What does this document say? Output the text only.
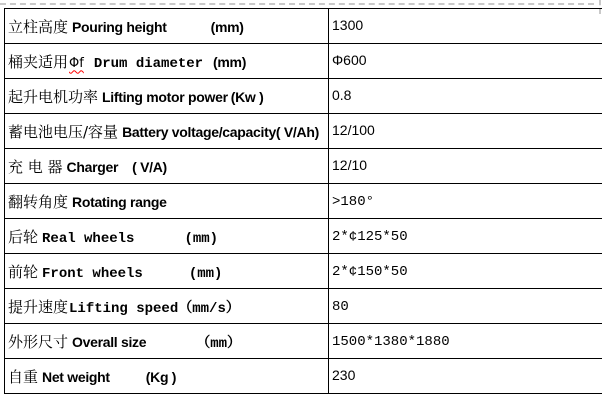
立柱高度 Pouring height (mm)	1300
桶夹适用Φf Drum diameter (mm)	Φ600
起升电机功率 Lifting motor power (Kw )	0.8
蓄电池电压/容量 Battery voltage/capacity( V/Ah)	12/100
充 电 器 Charger ( V/A)	12/10
翻转角度 Rotating range	>180°
后轮 Real wheels (mm)	2*¢125*50
前轮 Front wheels (mm)	2*¢150*50
提升速度Lifting speed（mm/s）	80
外形尺寸 Overall size （mm）	1500*1380*1880
自重 Net weight (Kg )	230
